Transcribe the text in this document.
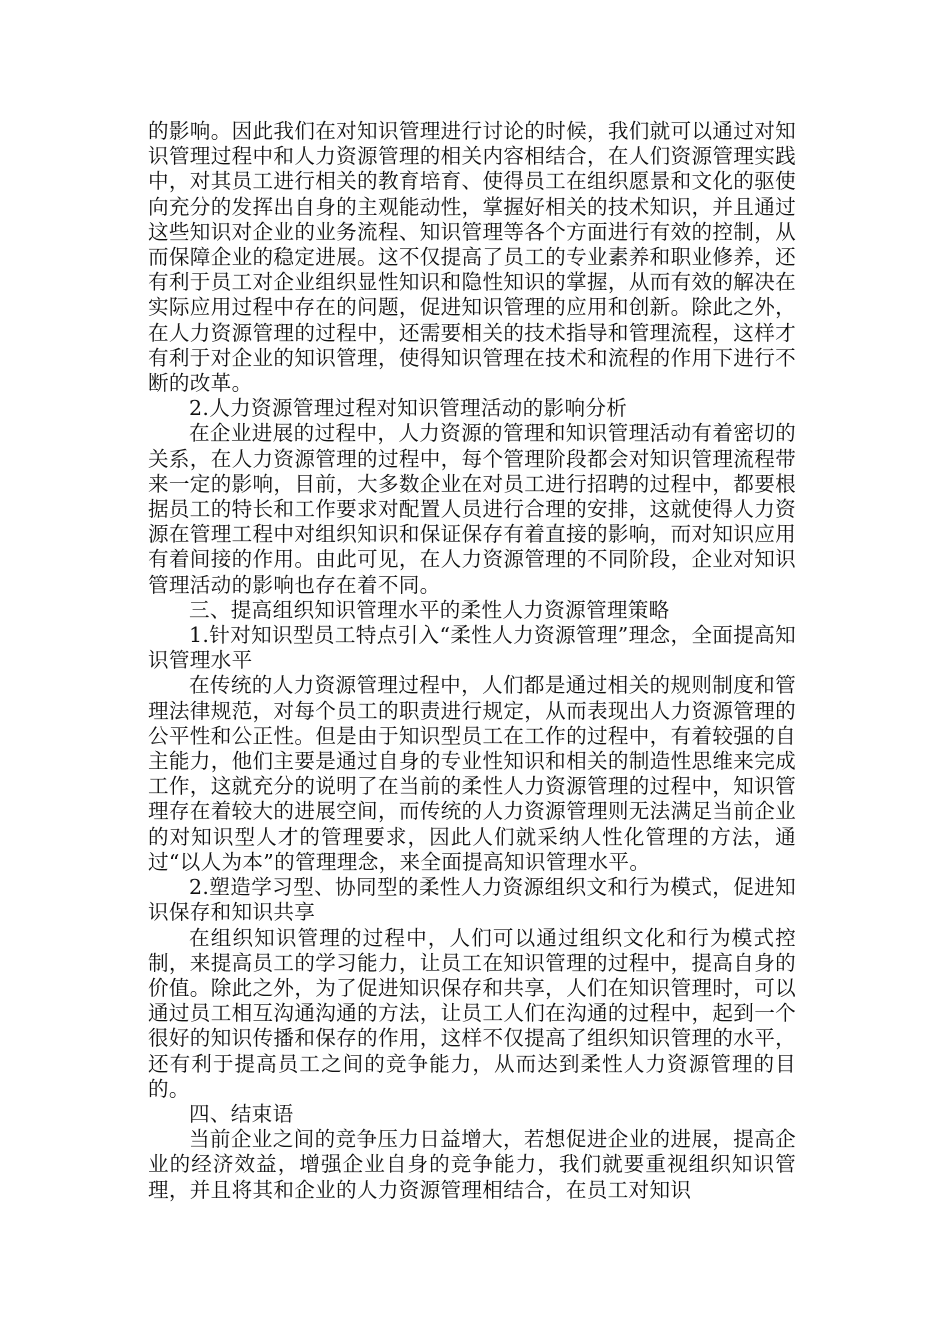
的影响。因此我们在对知识管理进行讨论的时候，我们就可以通过对知识管理过程中和人力资源管理的相关内容相结合，在人们资源管理实践中，对其员工进行相关的教育培育、使得员工在组织愿景和文化的驱使向充分的发挥出自身的主观能动性，掌握好相关的技术知识，并且通过这些知识对企业的业务流程、知识管理等各个方面进行有效的控制，从而保障企业的稳定进展。这不仅提高了员工的专业素养和职业修养，还有利于员工对企业组织显性知识和隐性知识的掌握，从而有效的解决在实际应用过程中存在的问题，促进知识管理的应用和创新。除此之外，在人力资源管理的过程中，还需要相关的技术指导和管理流程，这样才有利于对企业的知识管理，使得知识管理在技术和流程的作用下进行不断的改革。

2.人力资源管理过程对知识管理活动的影响分析

在企业进展的过程中，人力资源的管理和知识管理活动有着密切的关系，在人力资源管理的过程中，每个管理阶段都会对知识管理流程带来一定的影响，目前，大多数企业在对员工进行招聘的过程中，都要根据员工的特长和工作要求对配置人员进行合理的安排，这就使得人力资源在管理工程中对组织知识和保证保存有着直接的影响，而对知识应用有着间接的作用。由此可见，在人力资源管理的不同阶段，企业对知识管理活动的影响也存在着不同。

三、提高组织知识管理水平的柔性人力资源管理策略

1.针对知识型员工特点引入“柔性人力资源管理”理念，全面提高知识管理水平

在传统的人力资源管理过程中，人们都是通过相关的规则制度和管理法律规范，对每个员工的职责进行规定，从而表现出人力资源管理的公平性和公正性。但是由于知识型员工在工作的过程中，有着较强的自主能力，他们主要是通过自身的专业性知识和相关的制造性思维来完成工作，这就充分的说明了在当前的柔性人力资源管理的过程中，知识管理存在着较大的进展空间，而传统的人力资源管理则无法满足当前企业的对知识型人才的管理要求，因此人们就采纳人性化管理的方法，通过“以人为本”的管理理念，来全面提高知识管理水平。

2.塑造学习型、协同型的柔性人力资源组织文和行为模式，促进知识保存和知识共享

在组织知识管理的过程中，人们可以通过组织文化和行为模式控制，来提高员工的学习能力，让员工在知识管理的过程中，提高自身的价值。除此之外，为了促进知识保存和共享，人们在知识管理时，可以通过员工相互沟通沟通的方法，让员工人们在沟通的过程中，起到一个很好的知识传播和保存的作用，这样不仅提高了组织知识管理的水平，还有利于提高员工之间的竞争能力，从而达到柔性人力资源管理的目的。

四、结束语

当前企业之间的竞争压力日益增大，若想促进企业的进展，提高企业的经济效益，增强企业自身的竞争能力，我们就要重视组织知识管理，并且将其和企业的人力资源管理相结合，在员工对知识
